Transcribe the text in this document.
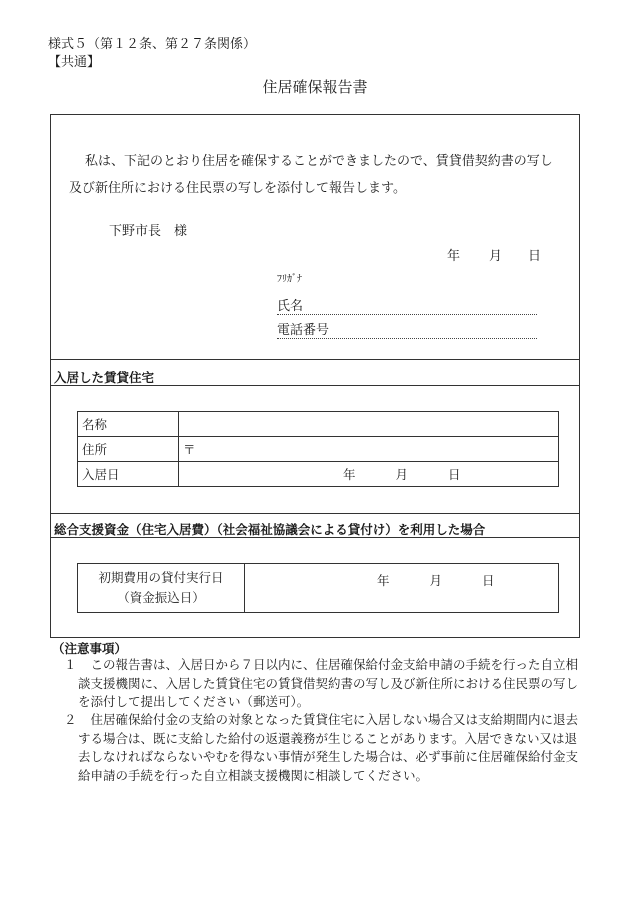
様式５（第１２条、第２７条関係）
【共通】
住居確保報告書
私は、下記のとおり住居を確保することができましたので、賃貸借契約書の写し
及び新住所における住民票の写しを添付して報告します。
下野市長　様
年 月 日
ﾌﾘｶﾞﾅ
氏名
電話番号
入居した賃貸住宅
名称	
住所	〒
入居日	年 月 日
総合支援資金（住宅入居費）（社会福祉協議会による貸付け）を利用した場合
初期費用の貸付実行日
（資金振込日）
	年	月	日
（注意事項）
１	この報告書は、入居日から７日以内に、住居確保給付金支給申請の手続を行った自立相談支援機関に、入居した賃貸住宅の賃貸借契約書の写し及び新住所における住民票の写しを添付して提出してください（郵送可）。
２	住居確保給付金の支給の対象となった賃貸住宅に入居しない場合又は支給期間内に退去する場合は、既に支給した給付の返還義務が生じることがあります。入居できない又は退去しなければならないやむを得ない事情が発生した場合は、必ず事前に住居確保給付金支給申請の手続を行った自立相談支援機関に相談してください。
